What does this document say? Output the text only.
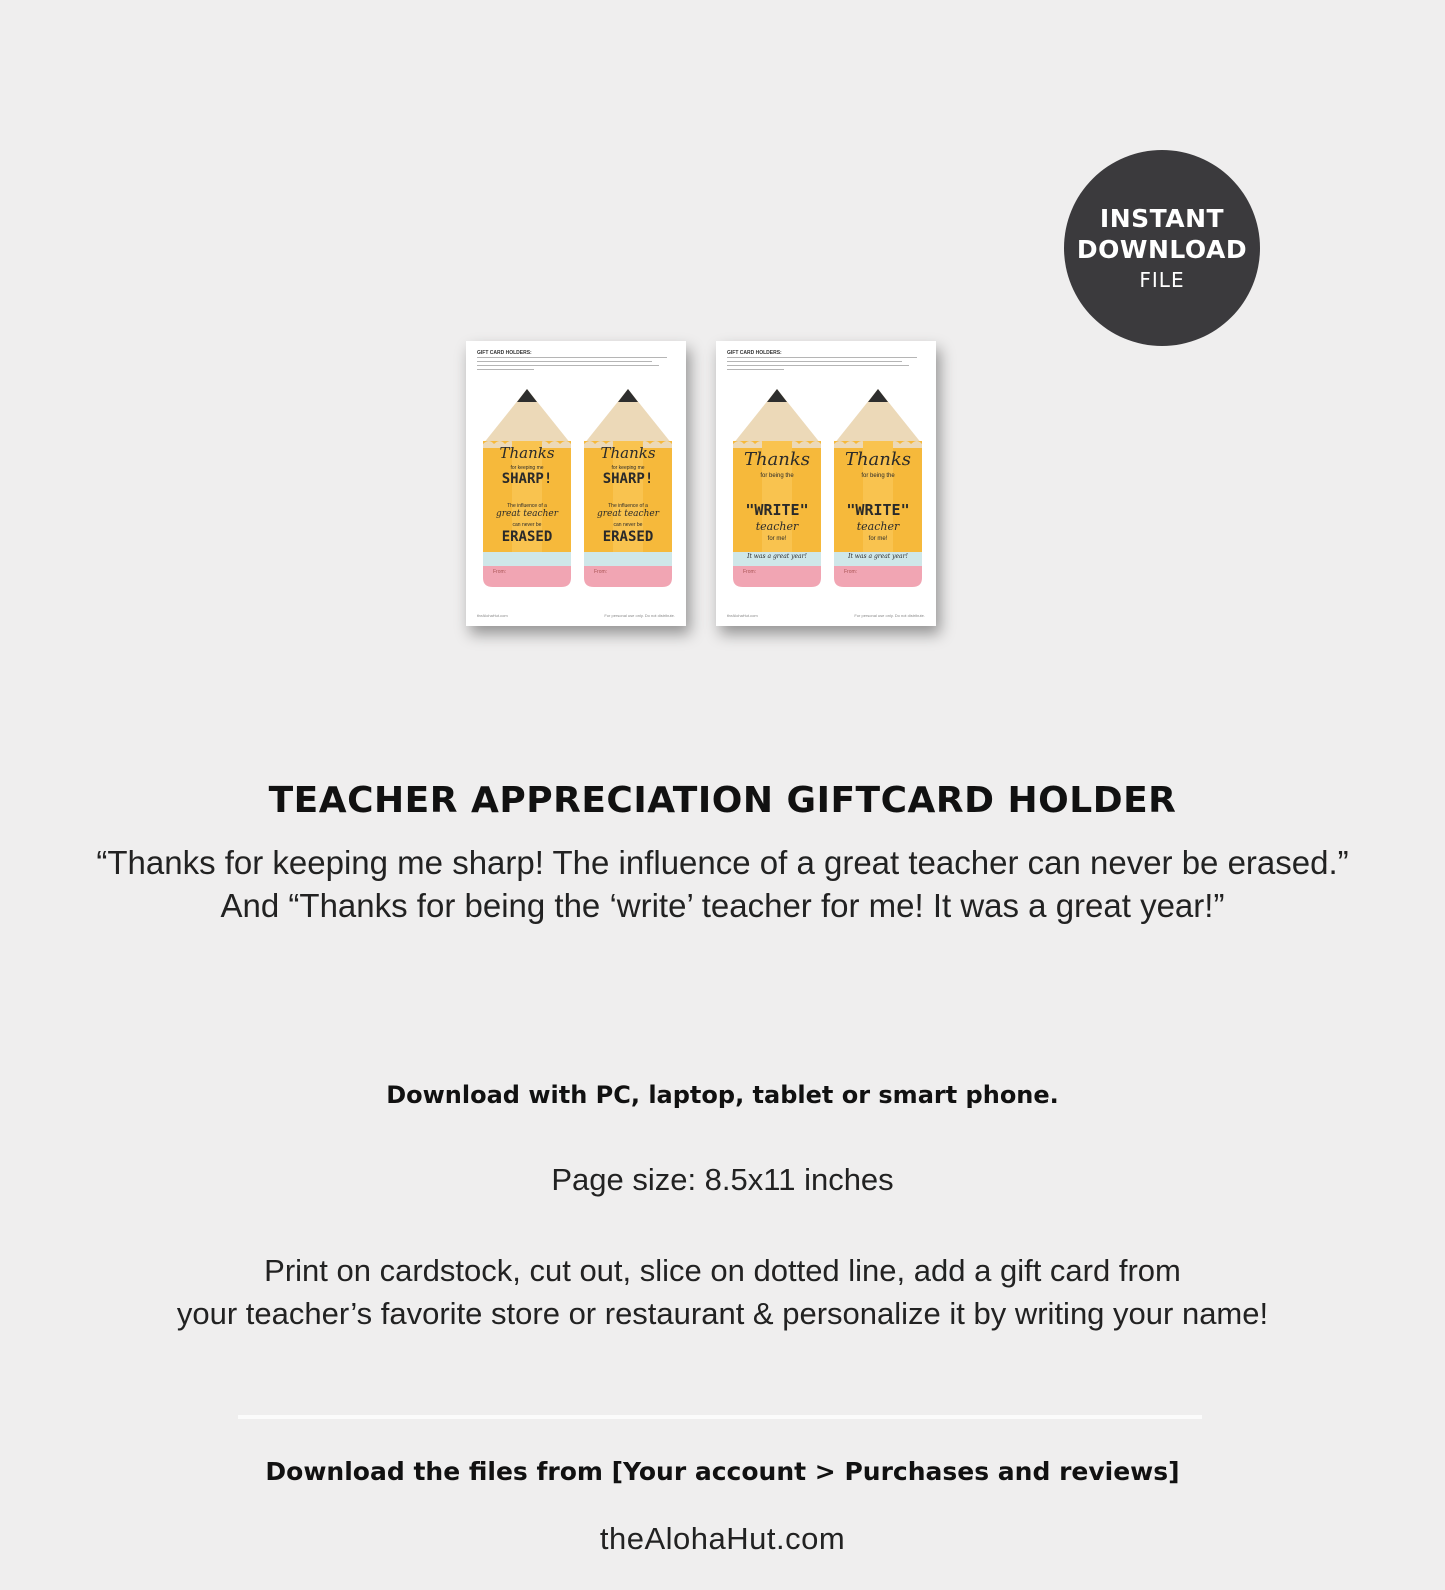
INSTANT
DOWNLOAD
FILE
GIFT CARD HOLDERS:
Thanks
for keeping me
SHARP!
The influence of a
great teacher
can never be
ERASED
From:
Thanks
for keeping me
SHARP!
The influence of a
great teacher
can never be
ERASED
From:
theAlohaHut.com	For personal use only. Do not distribute.
GIFT CARD HOLDERS:
Thanks
for being the
"WRITE"
teacher
for me!
It was a great year!
From:
Thanks
for being the
"WRITE"
teacher
for me!
It was a great year!
From:
theAlohaHut.com	For personal use only. Do not distribute.
TEACHER APPRECIATION GIFTCARD HOLDER
“Thanks for keeping me sharp! The influence of a great teacher can never be erased.”
And “Thanks for being the ‘write’ teacher for me! It was a great year!”
Download with PC, laptop, tablet or smart phone.
Page size: 8.5x11 inches
Print on cardstock, cut out, slice on dotted line, add a gift card from
your teacher’s favorite store or restaurant & personalize it by writing your name!
Download the files from [Your account > Purchases and reviews]
theAlohaHut.com
